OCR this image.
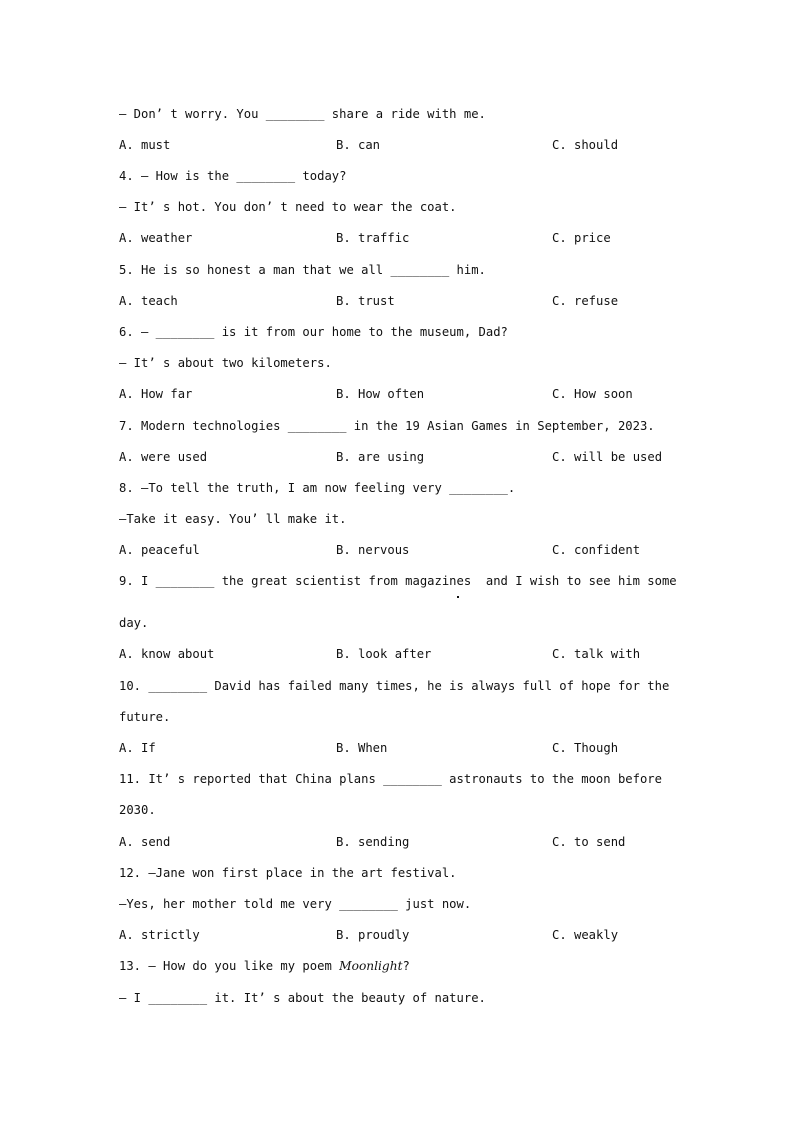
— Don’ t worry. You ________ share a ride with me.
A. must	B. can	C. should
4. — How is the ________ today?
— It’ s hot. You don’ t need to wear the coat.
A. weather	B. traffic	C. price
5. He is so honest a man that we all ________ him.
A. teach	B. trust	C. refuse
6. — ________ is it from our home to the museum, Dad?
— It’ s about two kilometers.
A. How far	B. How often	C. How soon
7. Modern technologies ________ in the 19 Asian Games in September, 2023.
A. were used	B. are using	C. will be used
8. —To tell the truth, I am now feeling very ________.
—Take it easy. You’ ll make it.
A. peaceful	B. nervous	C. confident
9. I ________ the great scientist from magazines  and I wish to see him some
day.
A. know about	B. look after	C. talk with
10. ________ David has failed many times, he is always full of hope for the
future.
A. If	B. When	C. Though
11. It’ s reported that China plans ________ astronauts to the moon before
2030.
A. send	B. sending	C. to send
12. —Jane won first place in the art festival.
—Yes, her mother told me very ________ just now.
A. strictly	B. proudly	C. weakly
13. — How do you like my poem Moonlight?
— I ________ it. It’ s about the beauty of nature.
